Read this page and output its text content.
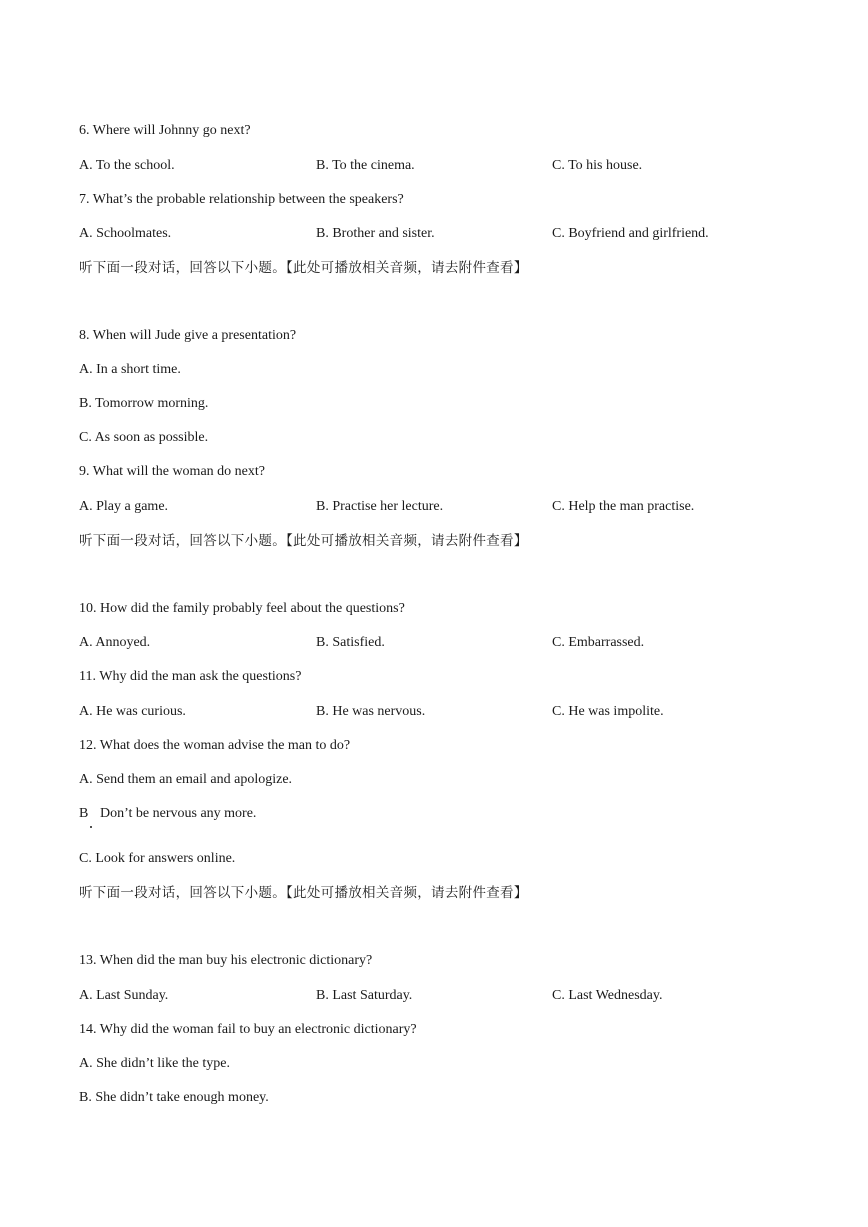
6. Where will Johnny go next?
A. To the school.	B. To the cinema.	C. To his house.
7. What’s the probable relationship between the speakers?
A. Schoolmates.	B. Brother and sister.	C. Boyfriend and girlfriend.
听下面一段对话，回答以下小题。【此处可播放相关音频，请去附件查看】
8. When will Jude give a presentation?
A. In a short time.
B. Tomorrow morning.
C. As soon as possible.
9. What will the woman do next?
A. Play a game.	B. Practise her lecture.	C. Help the man practise.
听下面一段对话，回答以下小题。【此处可播放相关音频，请去附件查看】
10. How did the family probably feel about the questions?
A. Annoyed.	B. Satisfied.	C. Embarrassed.
11. Why did the man ask the questions?
A. He was curious.	B. He was nervous.	C. He was impolite.
12. What does the woman advise the man to do?
A. Send them an email and apologize.
B Don’t be nervous any more.
C. Look for answers online.
听下面一段对话，回答以下小题。【此处可播放相关音频，请去附件查看】
13. When did the man buy his electronic dictionary?
A. Last Sunday.	B. Last Saturday.	C. Last Wednesday.
14. Why did the woman fail to buy an electronic dictionary?
A. She didn’t like the type.
B. She didn’t take enough money.
